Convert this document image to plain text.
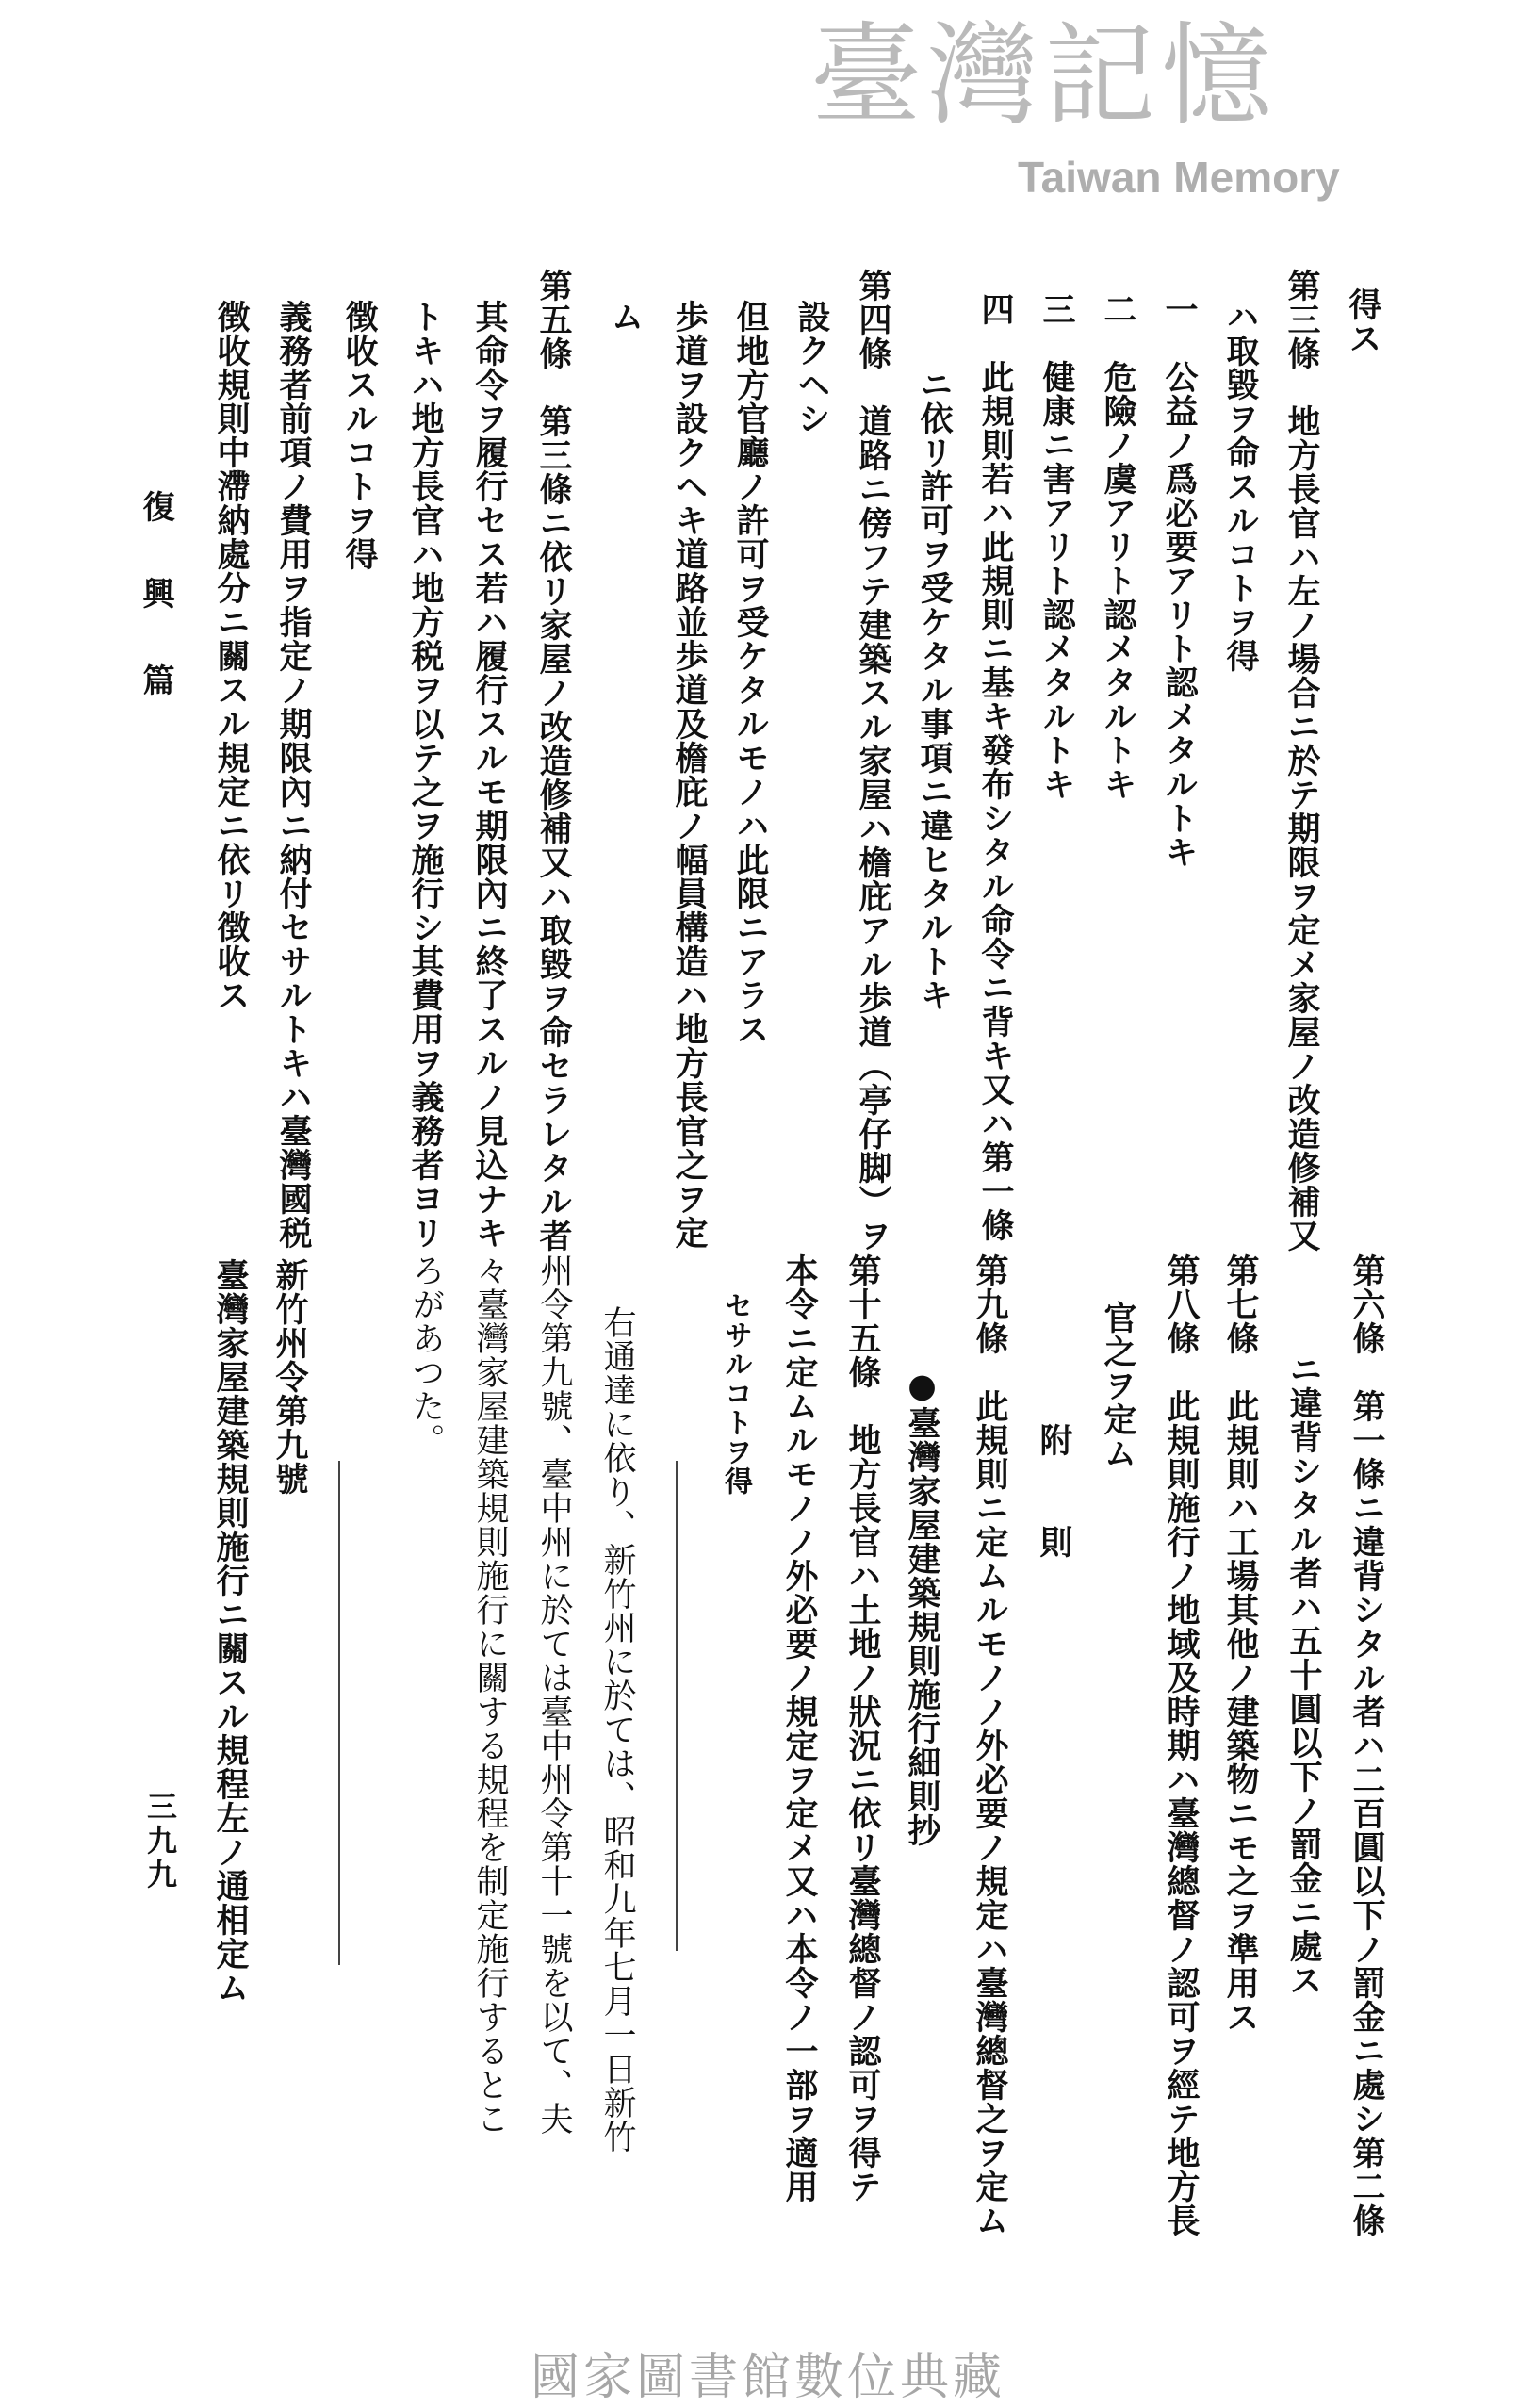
復興篇
三九九
得ス
第三條　地方長官ハ左ノ場合ニ於テ期限ヲ定メ家屋ノ改造修補又
ハ取毀ヲ命スルコトヲ得
一　公益ノ爲必要アリト認メタルトキ
二　危險ノ虞アリト認メタルトキ
三　健康ニ害アリト認メタルトキ
四　此規則若ハ此規則ニ基キ發布シタル命令ニ背キ又ハ第一條
ニ依リ許可ヲ受ケタル事項ニ違ヒタルトキ
第四條　道路ニ傍フテ建築スル家屋ハ檐庇アル歩道（亭仔脚）ヲ
設クヘシ
但地方官廳ノ許可ヲ受ケタルモノハ此限ニアラス
歩道ヲ設クヘキ道路並歩道及檐庇ノ幅員構造ハ地方長官之ヲ定
ム
第五條　第三條ニ依リ家屋ノ改造修補又ハ取毀ヲ命セラレタル者
其命令ヲ履行セス若ハ履行スルモ期限內ニ終了スルノ見込ナキ
トキハ地方長官ハ地方税ヲ以テ之ヲ施行シ其費用ヲ義務者ヨリ
徴收スルコトヲ得
義務者前項ノ費用ヲ指定ノ期限內ニ納付セサルトキハ臺灣國税
徴收規則中滯納處分ニ關スル規定ニ依リ徴收ス
第六條　第一條ニ違背シタル者ハ二百圓以下ノ罰金ニ處シ第二條
ニ違背シタル者ハ五十圓以下ノ罰金ニ處ス
第七條　此規則ハ工場其他ノ建築物ニモ之ヲ準用ス
第八條　此規則施行ノ地域及時期ハ臺灣總督ノ認可ヲ經テ地方長
官之ヲ定ム
附　　則
第九條　此規則ニ定ムルモノノ外必要ノ規定ハ臺灣總督之ヲ定ム
●臺灣家屋建築規則施行細則抄
第十五條　地方長官ハ土地ノ狀況ニ依リ臺灣總督ノ認可ヲ得テ
本令ニ定ムルモノノ外必要ノ規定ヲ定メ又ハ本令ノ一部ヲ適用
セサルコトヲ得
右通達に依り、新竹州に於ては、昭和九年七月一日新竹
州令第九號、臺中州に於ては臺中州令第十一號を以て、夫
々臺灣家屋建築規則施行に關する規程を制定施行するとこ
ろがあつた。
新竹州令第九號
臺灣家屋建築規則施行ニ關スル規程左ノ通相定ム
臺灣記憶
Taiwan Memory
國家圖書館數位典藏
